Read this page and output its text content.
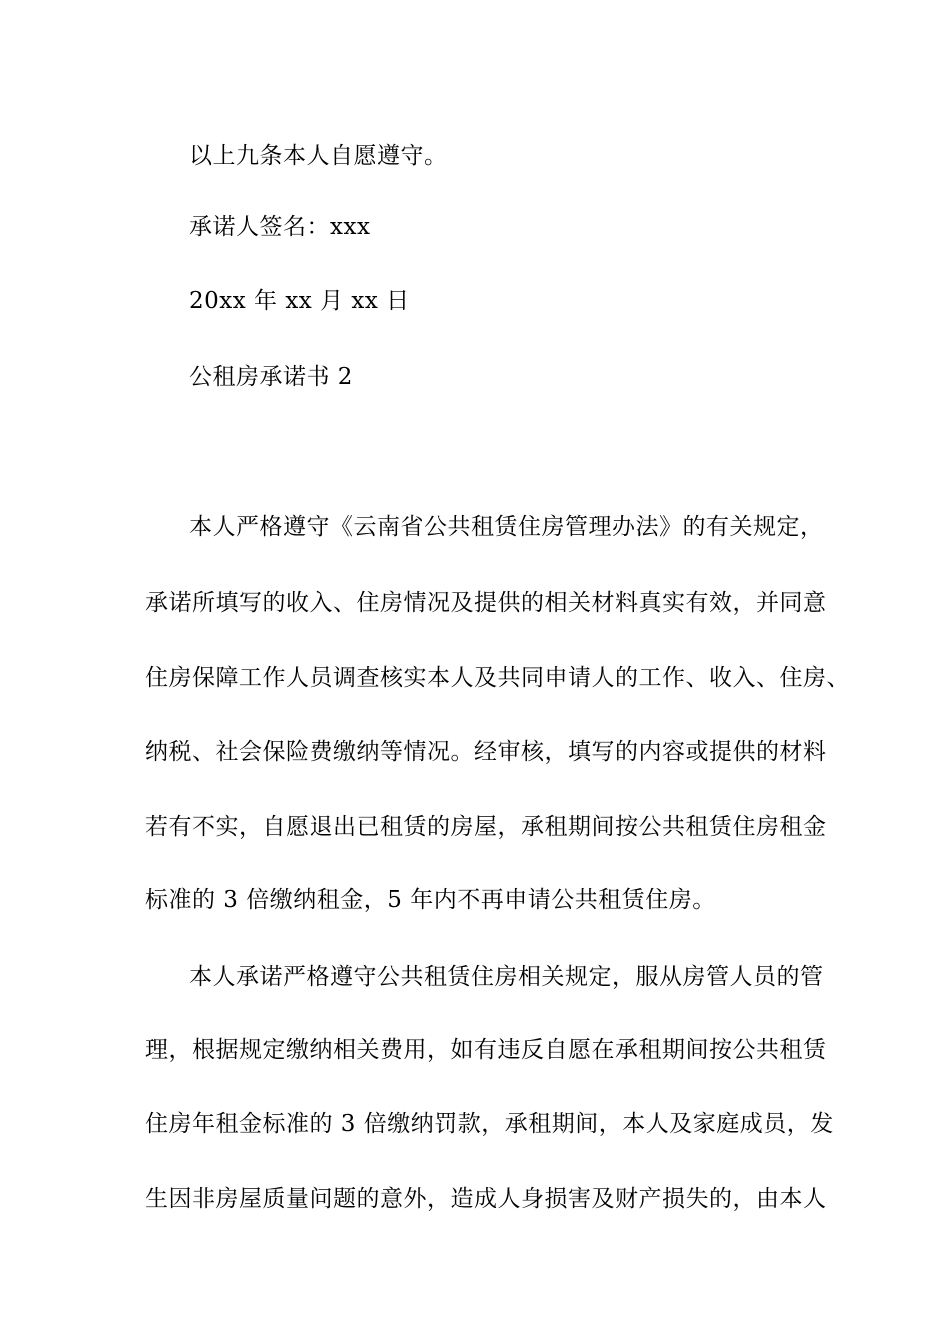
以上九条本人自愿遵守。
承诺人签名：xxx
20xx 年 xx 月 xx 日
公租房承诺书 2
本人严格遵守《云南省公共租赁住房管理办法》的有关规定，
承诺所填写的收入、住房情况及提供的相关材料真实有效，并同意
住房保障工作人员调查核实本人及共同申请人的工作、收入、住房、
纳税、社会保险费缴纳等情况。经审核，填写的内容或提供的材料
若有不实，自愿退出已租赁的房屋，承租期间按公共租赁住房租金
标准的 3 倍缴纳租金，5 年内不再申请公共租赁住房。
本人承诺严格遵守公共租赁住房相关规定，服从房管人员的管
理，根据规定缴纳相关费用，如有违反自愿在承租期间按公共租赁
住房年租金标准的 3 倍缴纳罚款，承租期间，本人及家庭成员，发
生因非房屋质量问题的意外，造成人身损害及财产损失的，由本人
